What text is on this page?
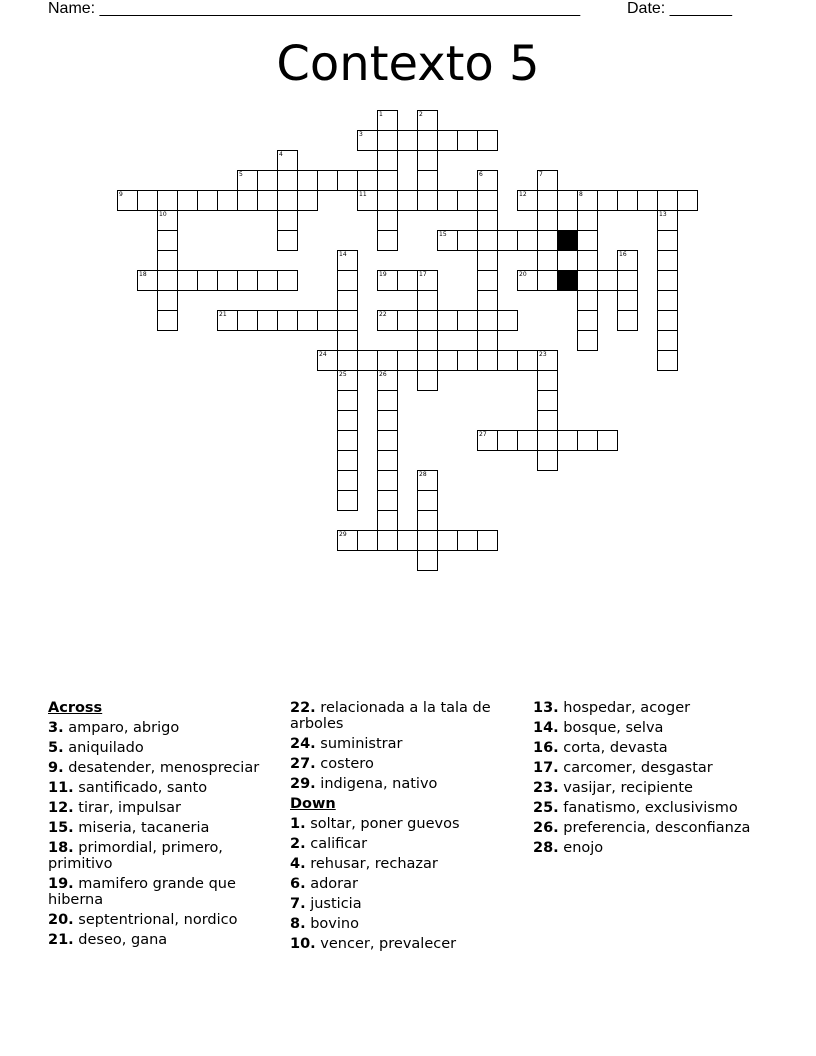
Name: ______________________________________________________	Date: _______
Contexto 5
3
5
9	11	12	8
15
18	19	17	20
21	22
24	23
27
29
1	2
4
6	7
10	13
14	16
25	26
28
Across
3. amparo, abrigo
5. aniquilado
9. desatender, menospreciar
11. santificado, santo
12. tirar, impulsar
15. miseria, tacaneria
18. primordial, primero, primitivo
19. mamifero grande que hiberna
20. septentrional, nordico
21. deseo, gana
22. relacionada a la tala de arboles
24. suministrar
27. costero
29. indigena, nativo
Down
1. soltar, poner guevos
2. calificar
4. rehusar, rechazar
6. adorar
7. justicia
8. bovino
10. vencer, prevalecer
13. hospedar, acoger
14. bosque, selva
16. corta, devasta
17. carcomer, desgastar
23. vasijar, recipiente
25. fanatismo, exclusivismo
26. preferencia, desconfianza
28. enojo
